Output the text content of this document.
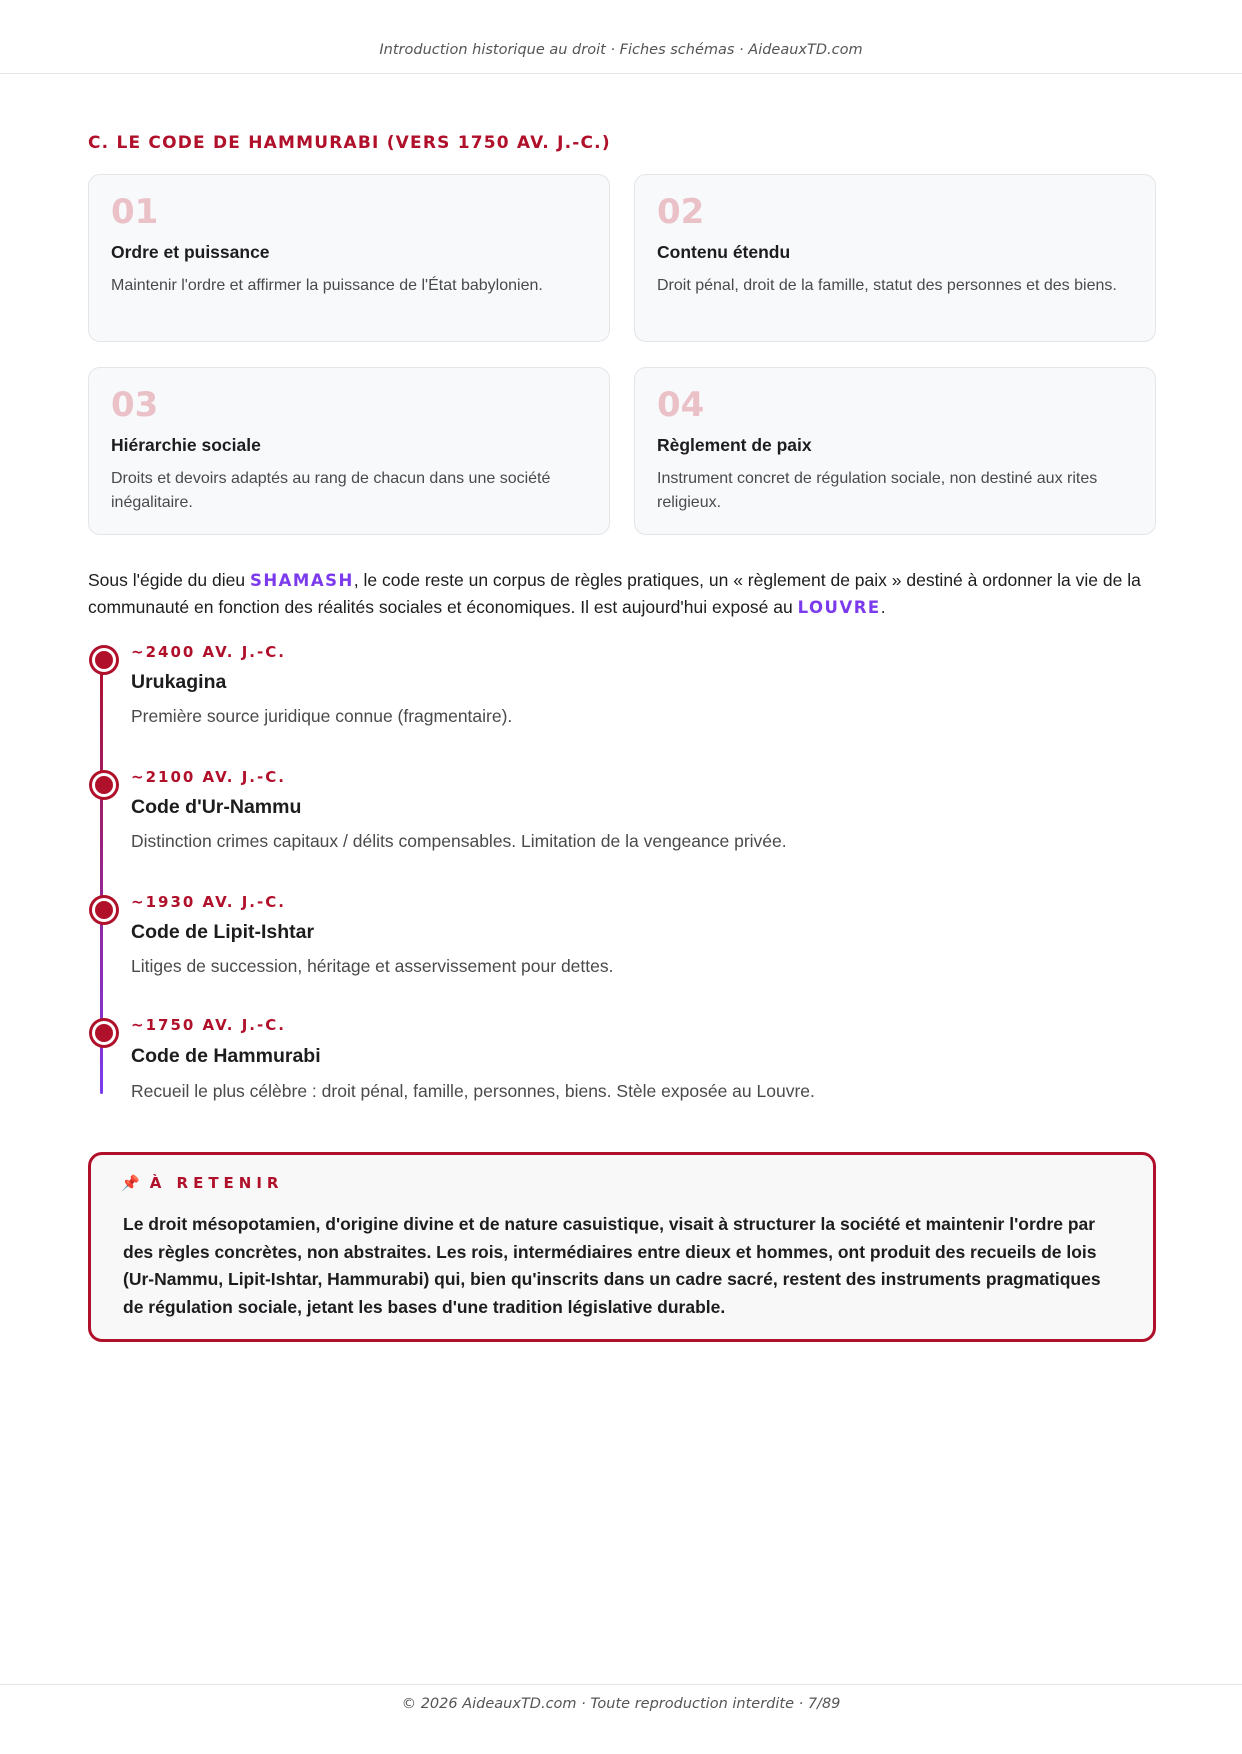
Introduction historique au droit · Fiches schémas · AideauxTD.com
C. LE CODE DE HAMMURABI (VERS 1750 AV. J.-C.)
01
Ordre et puissance
Maintenir l'ordre et affirmer la puissance de l'État babylonien.
02
Contenu étendu
Droit pénal, droit de la famille, statut des personnes et des biens.
03
Hiérarchie sociale
Droits et devoirs adaptés au rang de chacun dans une société inégalitaire.
04
Règlement de paix
Instrument concret de régulation sociale, non destiné aux rites religieux.
Sous l'égide du dieu SHAMASH, le code reste un corpus de règles pratiques, un « règlement de paix » destiné à ordonner la vie de la communauté en fonction des réalités sociales et économiques. Il est aujourd'hui exposé au LOUVRE.
~2400 AV. J.-C.
Urukagina
Première source juridique connue (fragmentaire).
~2100 AV. J.-C.
Code d'Ur-Nammu
Distinction crimes capitaux / délits compensables. Limitation de la vengeance privée.
~1930 AV. J.-C.
Code de Lipit-Ishtar
Litiges de succession, héritage et asservissement pour dettes.
~1750 AV. J.-C.
Code de Hammurabi
Recueil le plus célèbre : droit pénal, famille, personnes, biens. Stèle exposée au Louvre.
📌 À RETENIR
Le droit mésopotamien, d'origine divine et de nature casuistique, visait à structurer la société et maintenir l'ordre par des règles concrètes, non abstraites. Les rois, intermédiaires entre dieux et hommes, ont produit des recueils de lois (Ur-Nammu, Lipit-Ishtar, Hammurabi) qui, bien qu'inscrits dans un cadre sacré, restent des instruments pragmatiques de régulation sociale, jetant les bases d'une tradition législative durable.
© 2026 AideauxTD.com · Toute reproduction interdite · 7/89
